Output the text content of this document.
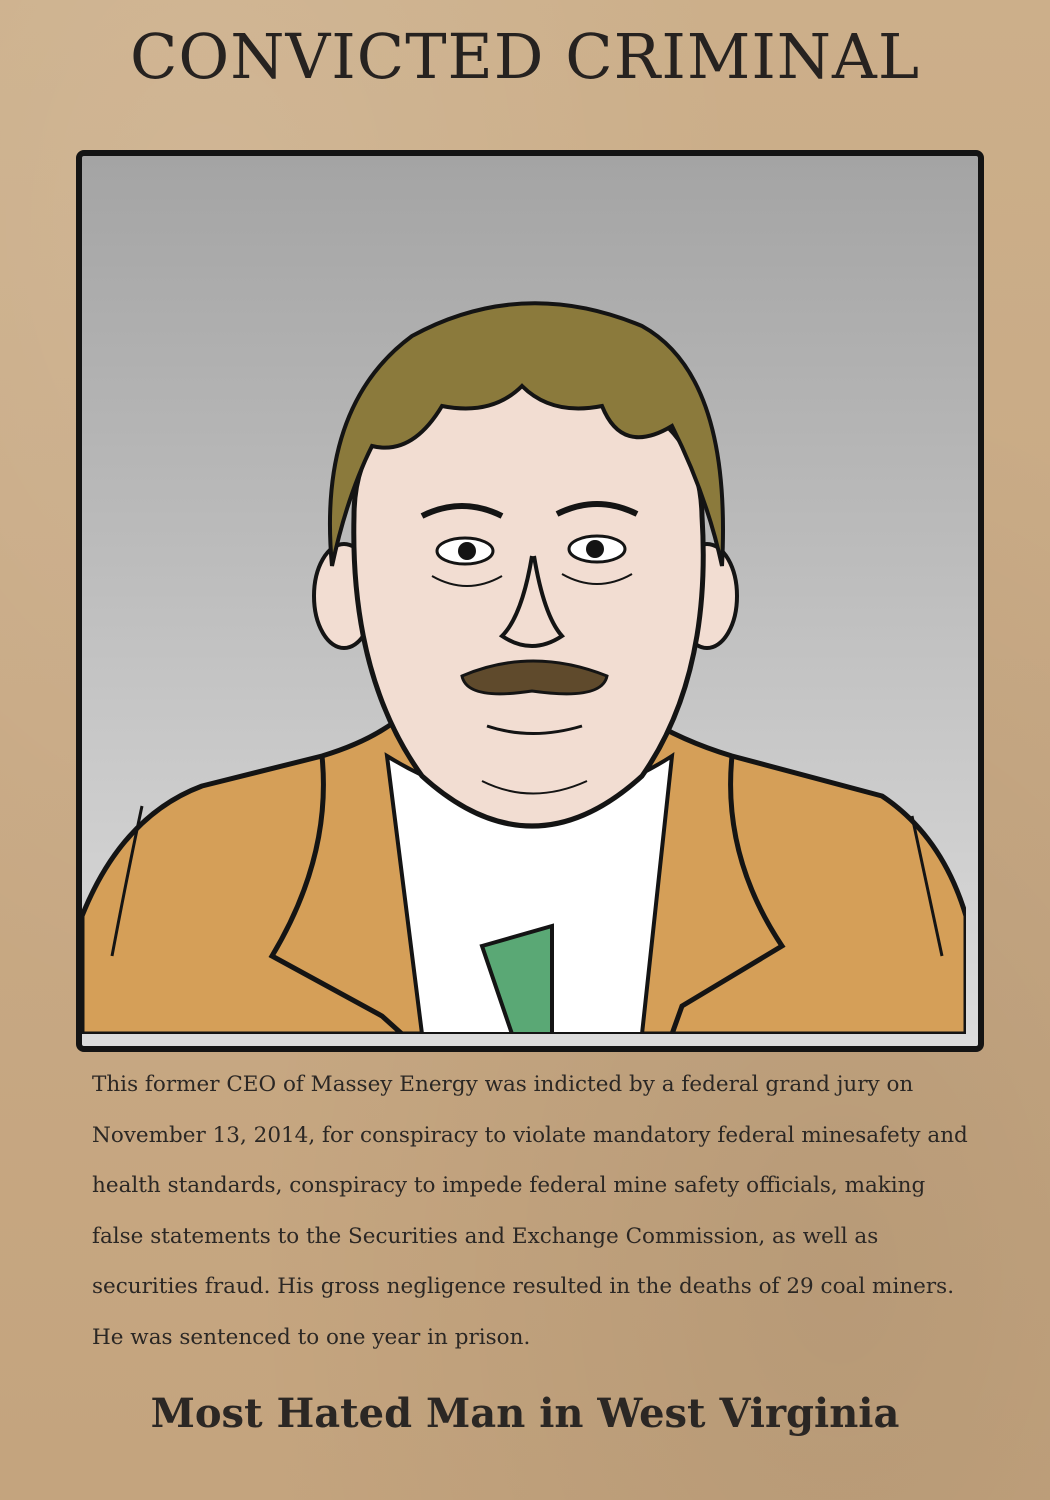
CONVICTED CRIMINAL

This former CEO of Massey Energy was indicted by a federal grand jury on November 13, 2014, for conspiracy to violate mandatory federal minesafety and health standards, conspiracy to impede federal mine safety officials, making false statements to the Securities and Exchange Commission, as well as securities fraud. His gross negligence resulted in the deaths of 29 coal miners. He was sentenced to one year in prison.

Most Hated Man in West Virginia
